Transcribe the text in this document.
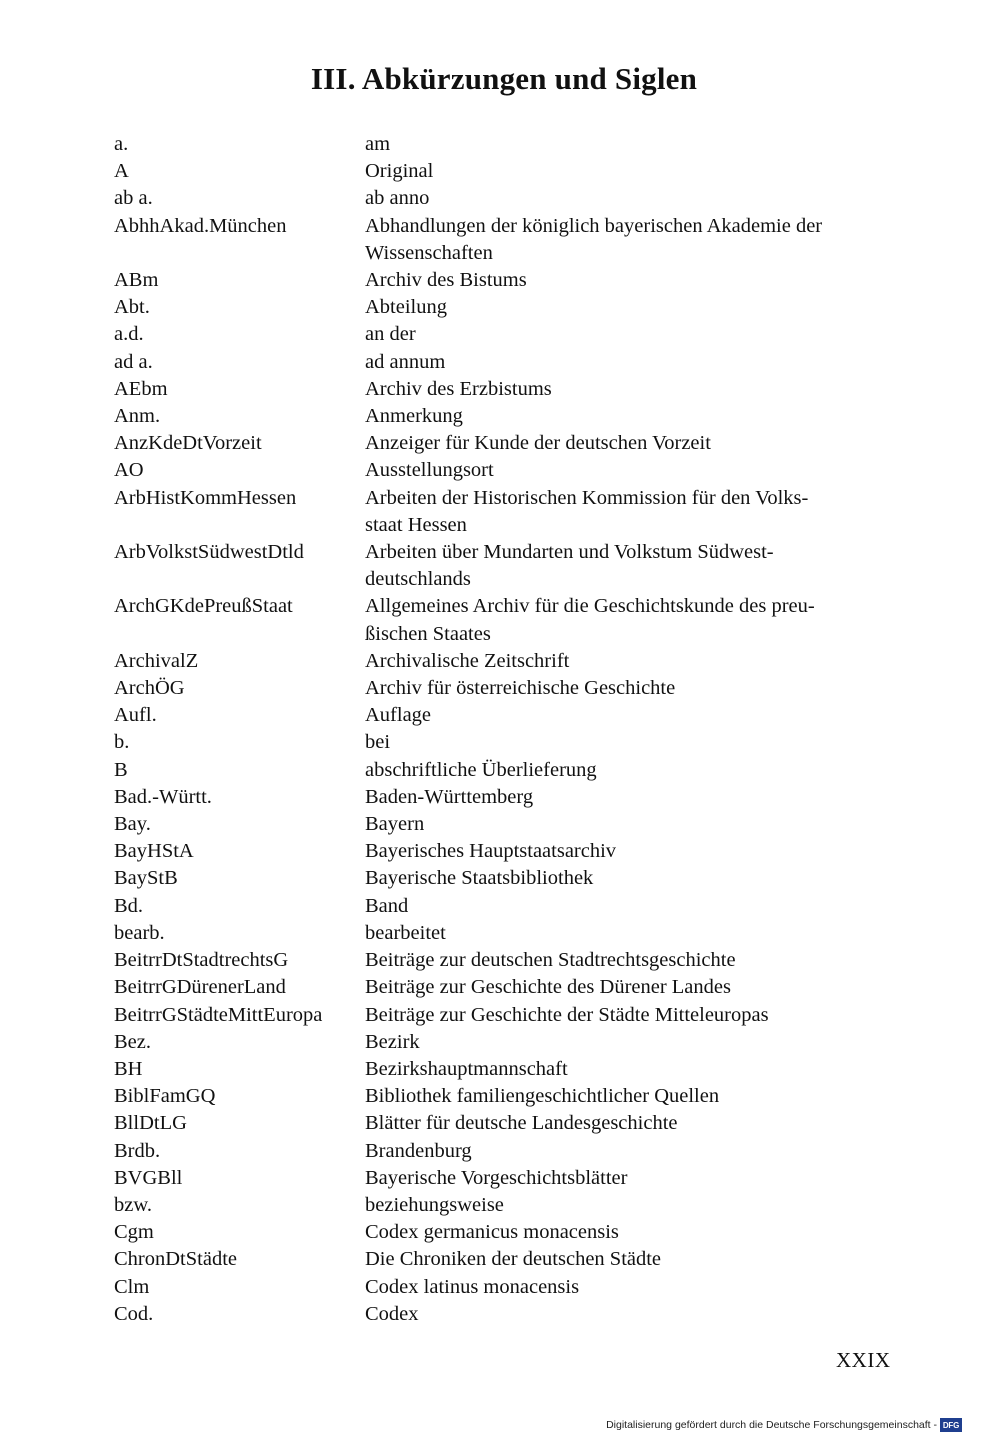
III. Abkürzungen und Siglen
a.	am
A	Original
ab a.	ab anno
AbhhAkad.München	Abhandlungen der königlich bayerischen Akademie der
Wissenschaften
ABm	Archiv des Bistums
Abt.	Abteilung
a.d.	an der
ad a.	ad annum
AEbm	Archiv des Erzbistums
Anm.	Anmerkung
AnzKdeDtVorzeit	Anzeiger für Kunde der deutschen Vorzeit
AO	Ausstellungsort
ArbHistKommHessen	Arbeiten der Historischen Kommission für den Volks-
staat Hessen
ArbVolkstSüdwestDtld	Arbeiten über Mundarten und Volkstum Südwest-
deutschlands
ArchGKdePreußStaat	Allgemeines Archiv für die Geschichtskunde des preu-
ßischen Staates
ArchivalZ	Archivalische Zeitschrift
ArchÖG	Archiv für österreichische Geschichte
Aufl.	Auflage
b.	bei
B	abschriftliche Überlieferung
Bad.-Württ.	Baden-Württemberg
Bay.	Bayern
BayHStA	Bayerisches Hauptstaatsarchiv
BayStB	Bayerische Staatsbibliothek
Bd.	Band
bearb.	bearbeitet
BeitrrDtStadtrechtsG	Beiträge zur deutschen Stadtrechtsgeschichte
BeitrrGDürenerLand	Beiträge zur Geschichte des Dürener Landes
BeitrrGStädteMittEuropa	Beiträge zur Geschichte der Städte Mitteleuropas
Bez.	Bezirk
BH	Bezirkshauptmannschaft
BiblFamGQ	Bibliothek familiengeschichtlicher Quellen
BllDtLG	Blätter für deutsche Landesgeschichte
Brdb.	Brandenburg
BVGBll	Bayerische Vorgeschichtsblätter
bzw.	beziehungsweise
Cgm	Codex germanicus monacensis
ChronDtStädte	Die Chroniken der deutschen Städte
Clm	Codex latinus monacensis
Cod.	Codex
XXIX
Digitalisierung gefördert durch die Deutsche Forschungsgemeinschaft - DFG
